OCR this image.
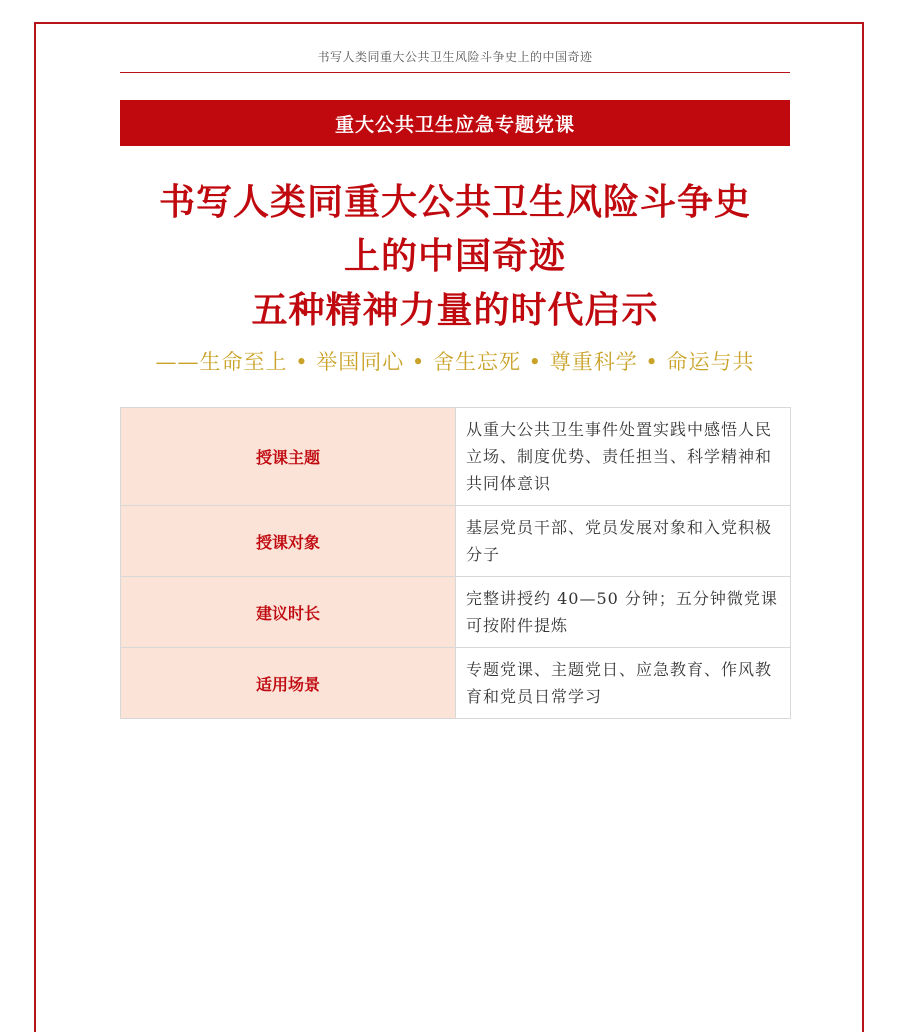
书写人类同重大公共卫生风险斗争史上的中国奇迹
重大公共卫生应急专题党课
书写人类同重大公共卫生风险斗争史
上的中国奇迹
五种精神力量的时代启示
——生命至上 • 举国同心 • 舍生忘死 • 尊重科学 • 命运与共
授课主题	从重大公共卫生事件处置实践中感悟人民立场、制度优势、责任担当、科学精神和共同体意识
授课对象	基层党员干部、党员发展对象和入党积极分子
建议时长	完整讲授约 40—50 分钟；五分钟微党课可按附件提炼
适用场景	专题党课、主题党日、应急教育、作风教育和党员日常学习
